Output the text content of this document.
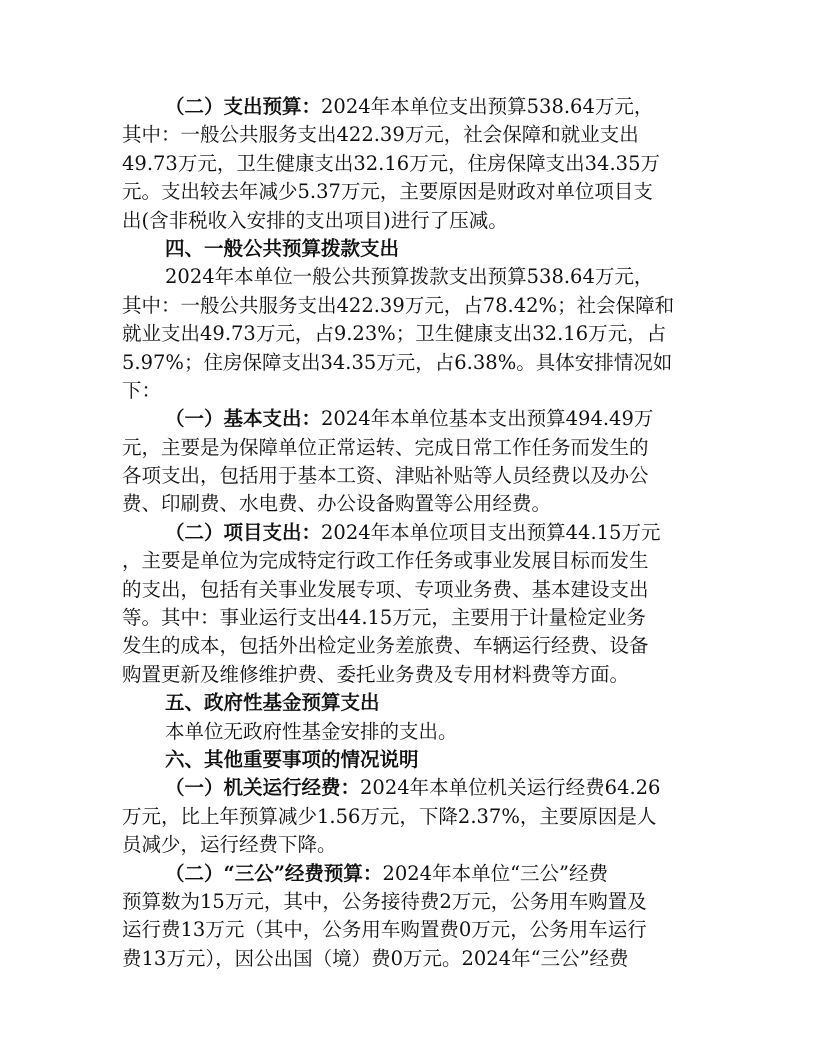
（二）支出预算：2024年本单位支出预算538.64万元，
其中：一般公共服务支出422.39万元，社会保障和就业支出
49.73万元，卫生健康支出32.16万元，住房保障支出34.35万
元。支出较去年减少5.37万元，主要原因是财政对单位项目支
出(含非税收入安排的支出项目)进行了压减。
四、一般公共预算拨款支出
2024年本单位一般公共预算拨款支出预算538.64万元，
其中：一般公共服务支出422.39万元，占78.42%；社会保障和
就业支出49.73万元，占9.23%；卫生健康支出32.16万元，占
5.97%；住房保障支出34.35万元，占6.38%。具体安排情况如
下：
（一）基本支出：2024年本单位基本支出预算494.49万
元，主要是为保障单位正常运转、完成日常工作任务而发生的
各项支出，包括用于基本工资、津贴补贴等人员经费以及办公
费、印刷费、水电费、办公设备购置等公用经费。
（二）项目支出：2024年本单位项目支出预算44.15万元
，主要是单位为完成特定行政工作任务或事业发展目标而发生
的支出，包括有关事业发展专项、专项业务费、基本建设支出
等。其中：事业运行支出44.15万元，主要用于计量检定业务
发生的成本，包括外出检定业务差旅费、车辆运行经费、设备
购置更新及维修维护费、委托业务费及专用材料费等方面。
五、政府性基金预算支出
本单位无政府性基金安排的支出。
六、其他重要事项的情况说明
（一）机关运行经费：2024年本单位机关运行经费64.26
万元，比上年预算减少1.56万元，下降2.37%，主要原因是人
员减少，运行经费下降。
（二）“三公”经费预算：2024年本单位“三公”经费
预算数为15万元，其中，公务接待费2万元，公务用车购置及
运行费13万元（其中，公务用车购置费0万元，公务用车运行
费13万元），因公出国（境）费0万元。2024年“三公”经费
